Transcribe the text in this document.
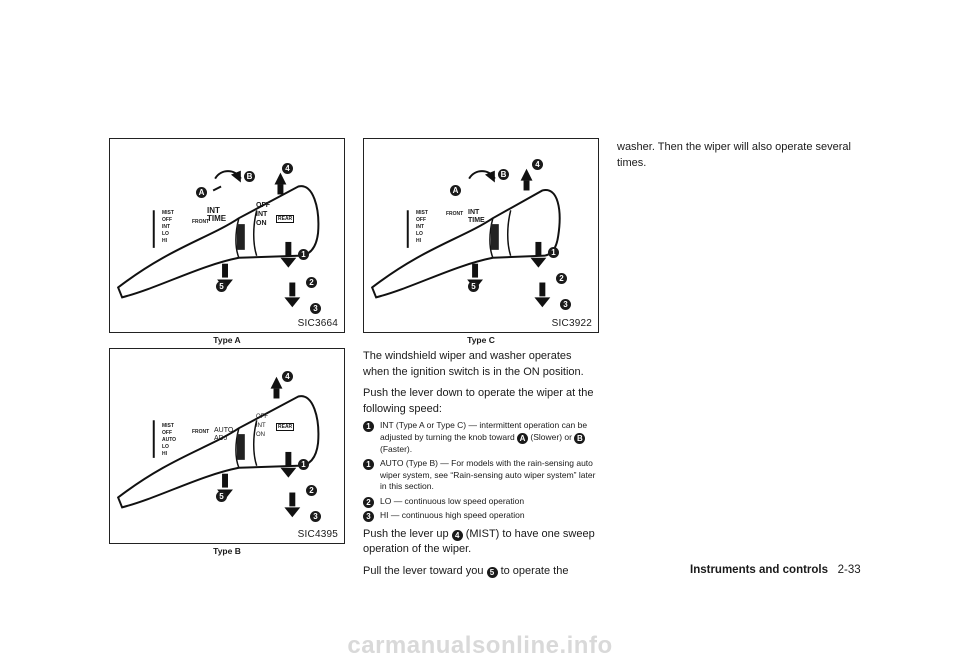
INT
TIME
OFF
INT
ON
REAR
MIST
OFF
INT
LO
HI
FRONT
A
B
1
2
3
4
5
SIC3664
Type A
AUTO
ADJ
OFF
INT
ON
REAR
MIST
OFF
AUTO
LO
HI
FRONT
1
2
3
4
5
SIC4395
Type B
INT
TIME
MIST
OFF
INT
LO
HI
FRONT
A
B
1
2
3
4
5
SIC3922
Type C

The windshield wiper and washer operates when the ignition switch is in the ON position.

Push the lever down to operate the wiper at the following speed:

1	INT (Type A or Type C) — intermittent operation can be adjusted by turning the knob toward A (Slower) or B (Faster).
1	AUTO (Type B) — For models with the rain-sensing auto wiper system, see “Rain-sensing auto wiper system” later in this section.
2	LO — continuous low speed operation
3	HI — continuous high speed operation

Push the lever up 4 (MIST) to have one sweep operation of the wiper.

Pull the lever toward you 5 to operate the

washer. Then the wiper will also operate several times.

Instruments and controls 2-33
carmanualsonline.info
